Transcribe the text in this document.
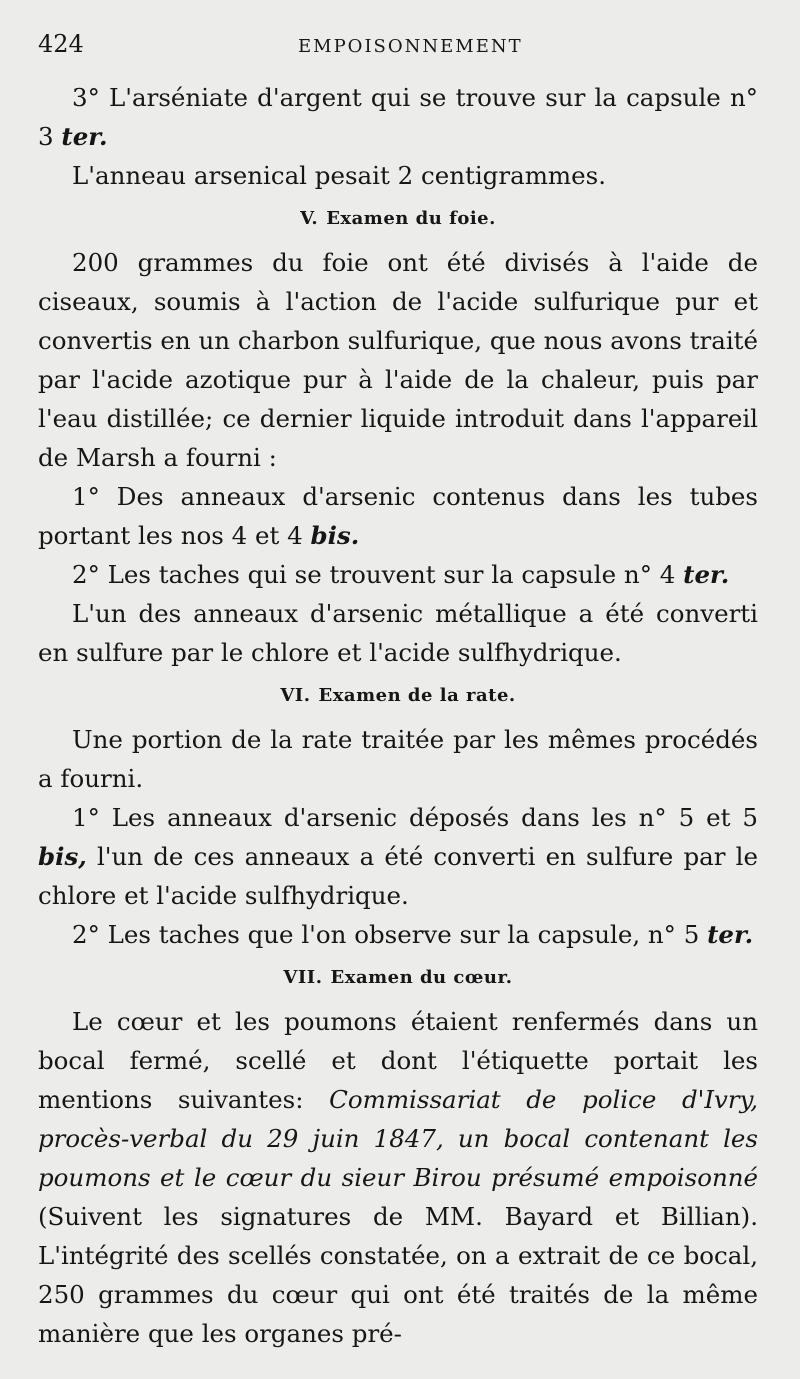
424	EMPOISONNEMENT

3° L'arséniate d'argent qui se trouve sur la capsule n° 3 ter.

L'anneau arsenical pesait 2 centigrammes.

V. Examen du foie.

200 grammes du foie ont été divisés à l'aide de ciseaux, soumis à l'action de l'acide sulfurique pur et convertis en un charbon sulfurique, que nous avons traité par l'acide azotique pur à l'aide de la chaleur, puis par l'eau distillée; ce dernier liquide introduit dans l'appareil de Marsh a fourni :

1° Des anneaux d'arsenic contenus dans les tubes portant les nos 4 et 4 bis.

2° Les taches qui se trouvent sur la capsule n° 4 ter.

L'un des anneaux d'arsenic métallique a été converti en sulfure par le chlore et l'acide sulfhydrique.

VI. Examen de la rate.

Une portion de la rate traitée par les mêmes procédés a fourni.

1° Les anneaux d'arsenic déposés dans les n° 5 et 5 bis, l'un de ces anneaux a été converti en sulfure par le chlore et l'acide sulfhydrique.

2° Les taches que l'on observe sur la capsule, n° 5 ter.

VII. Examen du cœur.

Le cœur et les poumons étaient renfermés dans un bocal fermé, scellé et dont l'étiquette portait les mentions suivantes: Commissariat de police d'Ivry, procès-verbal du 29 juin 1847, un bocal contenant les poumons et le cœur du sieur Birou présumé empoisonné (Suivent les signatures de MM. Bayard et Billian). L'intégrité des scellés constatée, on a extrait de ce bocal, 250 grammes du cœur qui ont été traités de la même manière que les organes pré-
